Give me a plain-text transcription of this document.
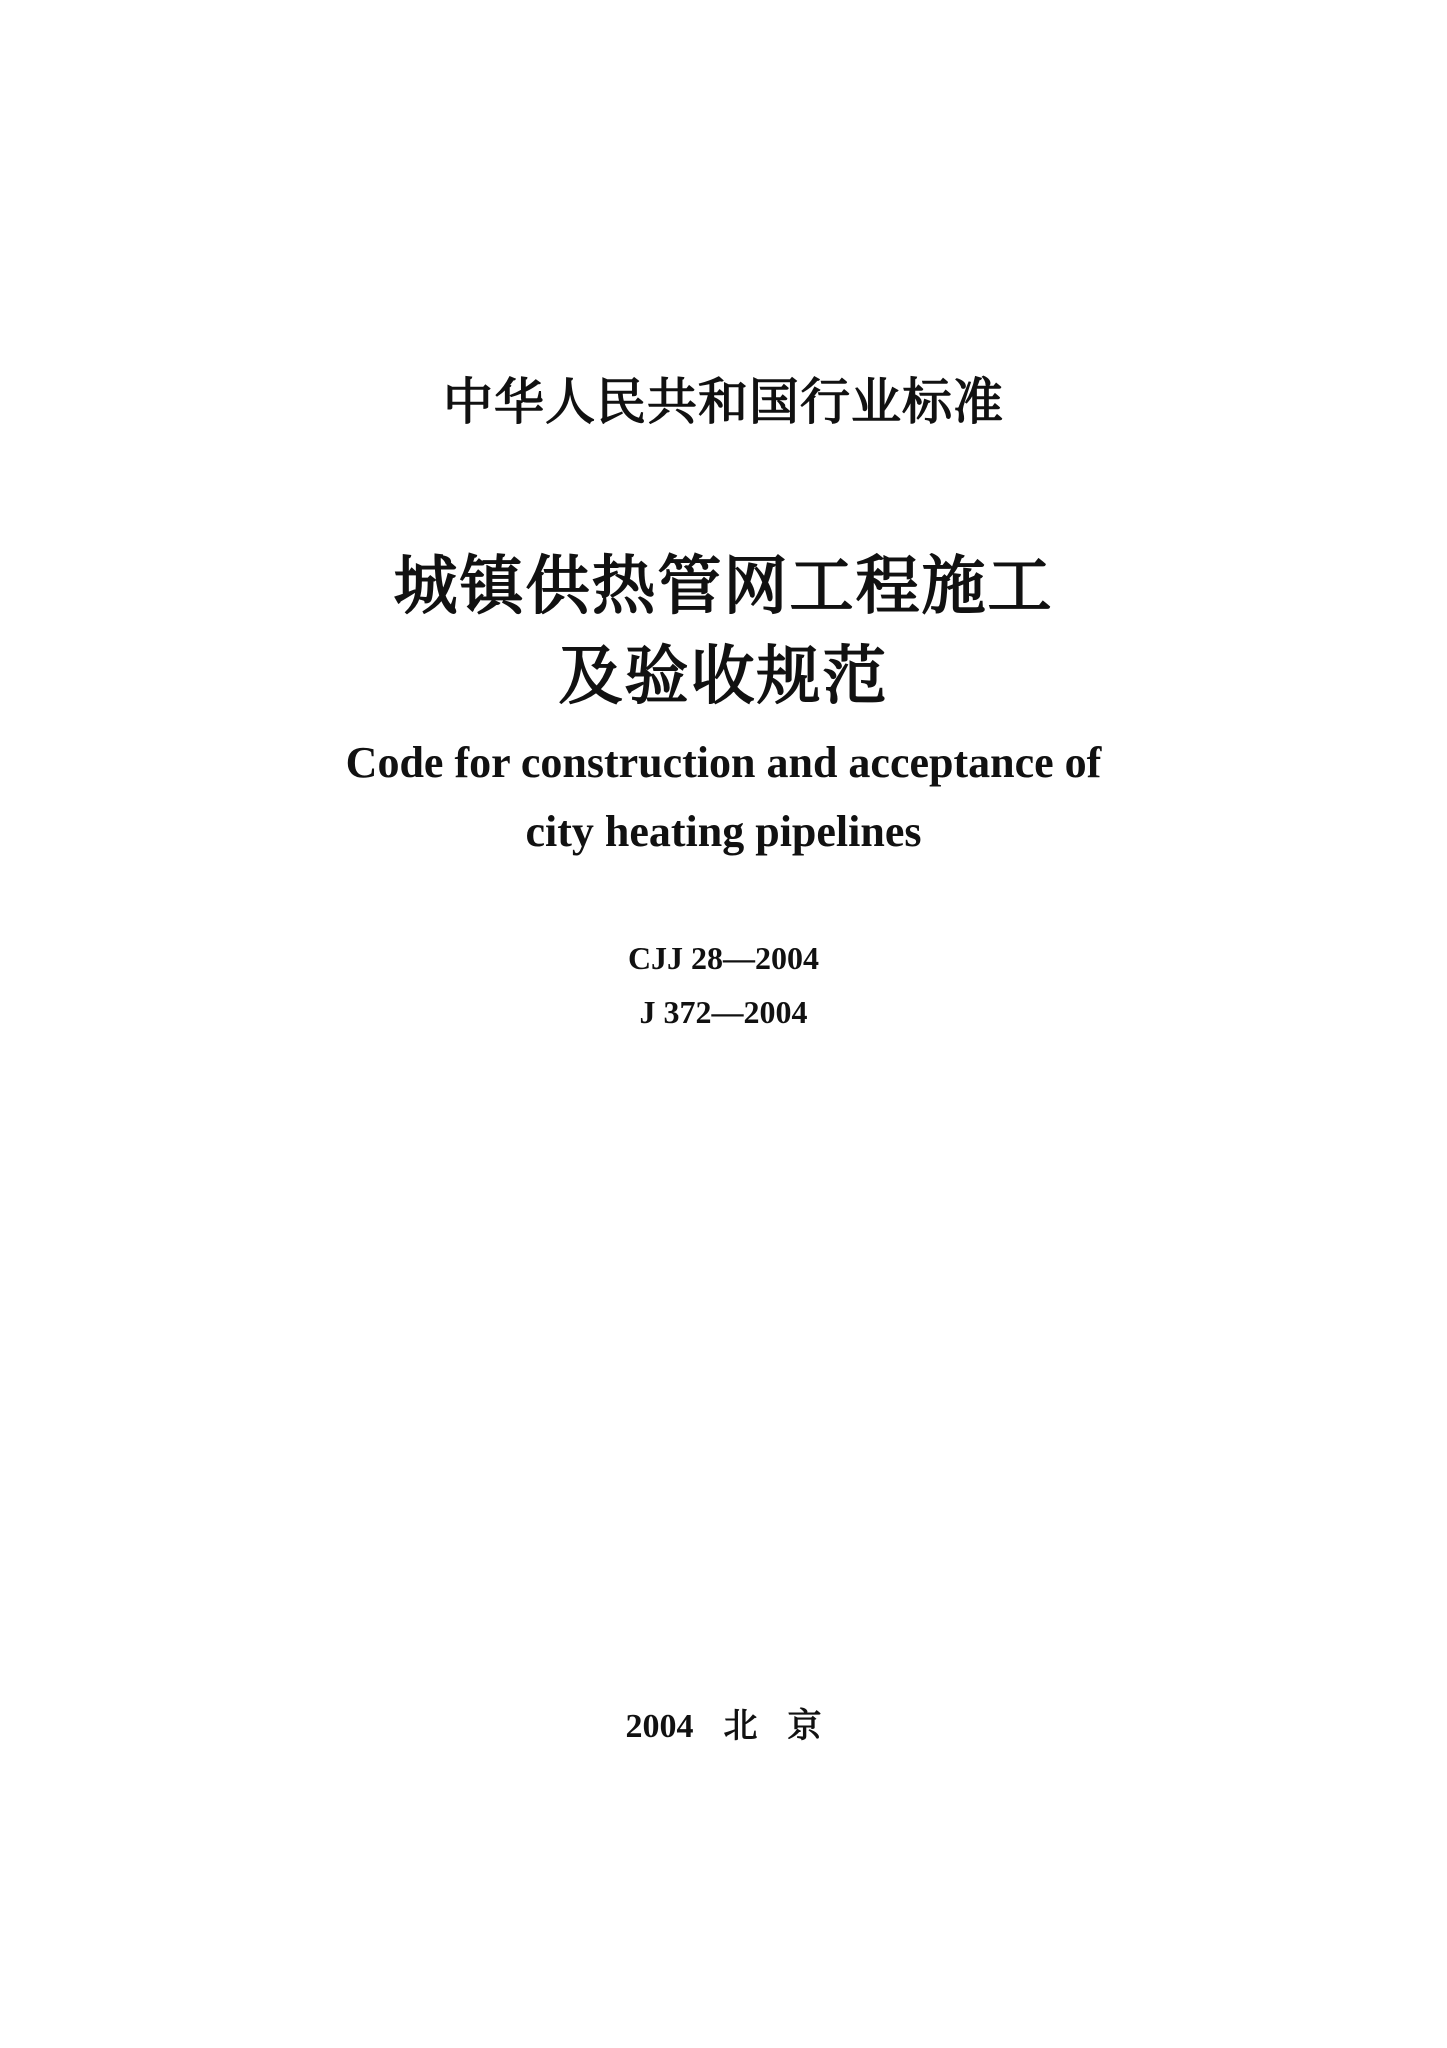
中华人民共和国行业标准
城镇供热管网工程施工
及验收规范
Code for construction and acceptance of
city heating pipelines
CJJ 28—2004
J 372—2004
2004 北京
